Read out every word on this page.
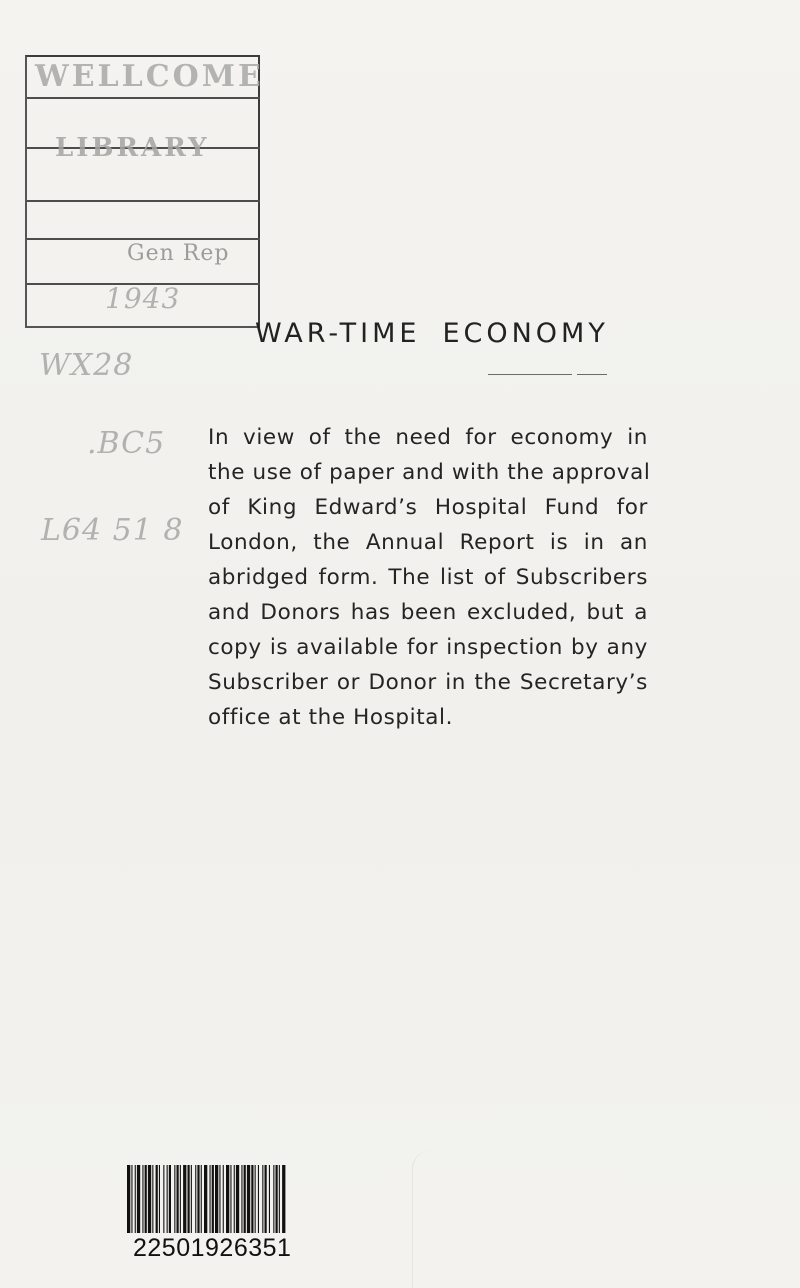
WELLCOME
LIBRARY
Gen Rep
WX28
.BC5
L64 51 8
1943
WAR-TIME ECONOMY
In view of the need for economy in
the use of paper and with the approval
of King Edward’s Hospital Fund for
London, the Annual Report is in an
abridged form. The list of Subscribers
and Donors has been excluded, but a
copy is available for inspection by any
Subscriber or Donor in the Secretary’s
office at the Hospital.
22501926351
